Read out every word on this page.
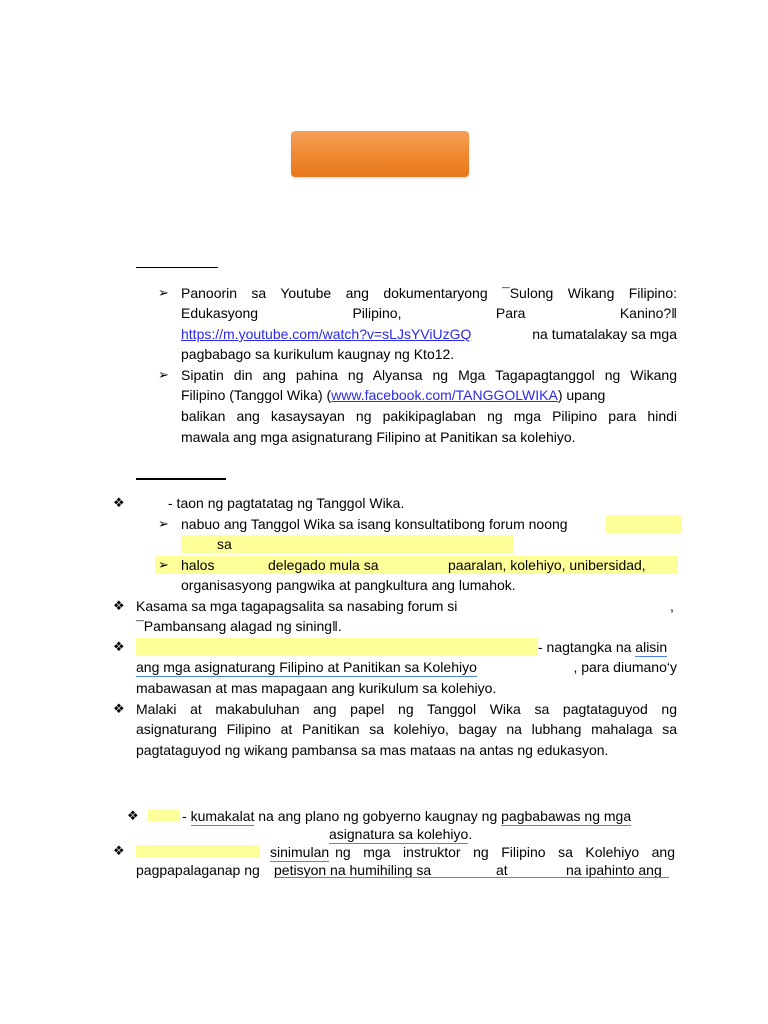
➢ Panoorin sa Youtube ang dokumentaryong ¯Sulong Wikang Filipino:
Edukasyong Pilipino, Para Kanino?‖
https://m.youtube.com/watch?v=sLJsYViUzGQ	na tumatalakay sa mga
pagbabago sa kurikulum kaugnay ng Kto12.
➢ Sipatin din ang pahina ng Alyansa ng Mga Tagapagtanggol ng Wikang
Filipino (Tanggol Wika) (www.facebook.com/TANGGOLWIKA) upang
balikan ang kasaysayan ng pakikipaglaban ng mga Pilipino para hindi
mawala ang mga asignaturang Filipino at Panitikan sa kolehiyo.
❖	- taon ng pagtatatag ng Tanggol Wika.
➢ nabuo ang Tanggol Wika sa isang konsultatibong forum noong
sa
➢ halos	delegado mula sa	paaralan, kolehiyo, unibersidad,
organisasyong pangwika at pangkultura ang lumahok.
❖ Kasama sa mga tagapagsalita sa nasabing forum si	,
¯Pambansang alagad ng sining‖.
❖	- nagtangka na alisin
ang mga asignaturang Filipino at Panitikan sa Kolehiyo	, para diumano‘y
mabawasan at mas mapagaan ang kurikulum sa kolehiyo.
❖ Malaki at makabuluhan ang papel ng Tanggol Wika sa pagtataguyod ng
asignaturang Filipino at Panitikan sa kolehiyo, bagay na lubhang mahalaga sa
pagtataguyod ng wikang pambansa sa mas mataas na antas ng edukasyon.
❖	- kumakalat na ang plano ng gobyerno kaugnay ng pagbabawas ng mga
asignatura sa kolehiyo.
❖	sinimulan ng mga instruktor ng Filipino sa Kolehiyo ang
pagpapalaganap ng petisyon na humihiling sa	at	na ipahinto ang
